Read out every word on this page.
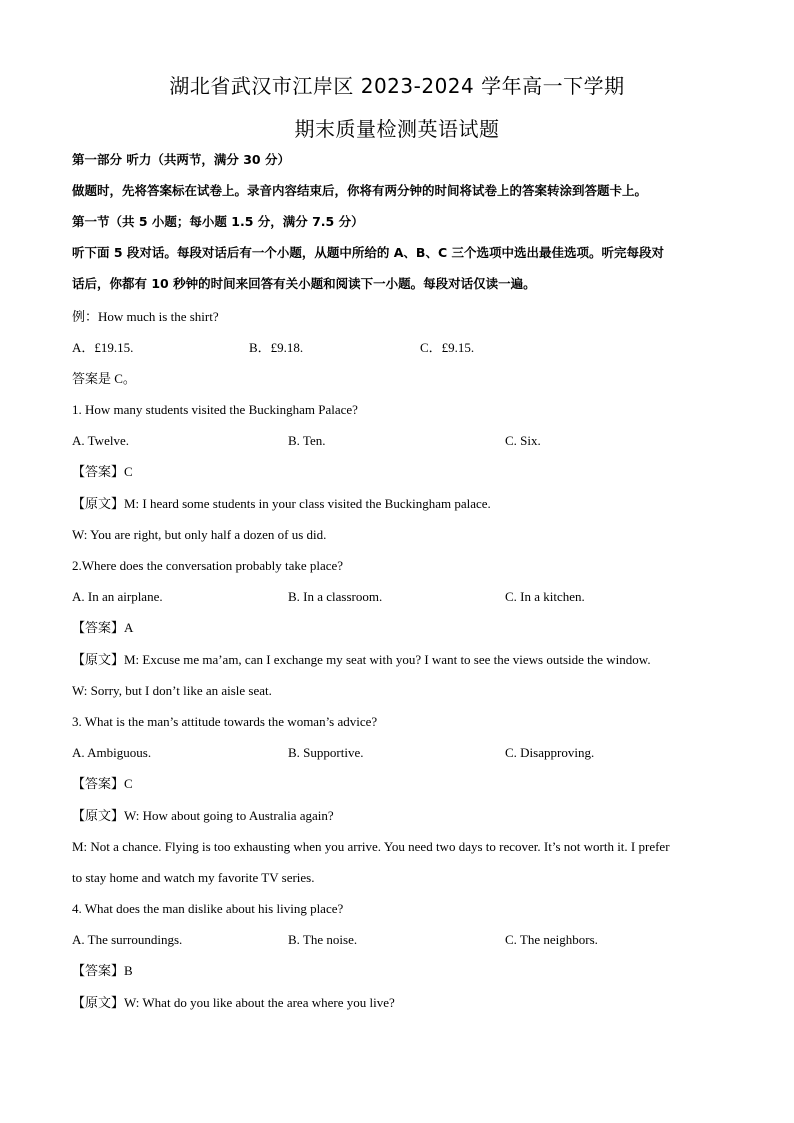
湖北省武汉市江岸区 2023-2024 学年高一下学期
期末质量检测英语试题
第一部分 听力（共两节，满分 30 分）
做题时，先将答案标在试卷上。录音内容结束后，你将有两分钟的时间将试卷上的答案转涂到答题卡上。
第一节（共 5 小题；每小题 1.5 分，满分 7.5 分）
听下面 5 段对话。每段对话后有一个小题，从题中所给的 A、B、C 三个选项中选出最佳选项。听完每段对
话后，你都有 10 秒钟的时间来回答有关小题和阅读下一小题。每段对话仅读一遍。
例：How much is the shirt?
A．£19.15.	B．£9.18.	C．£9.15.
答案是 C。
1. How many students visited the Buckingham Palace?
A. Twelve.	B. Ten.	C. Six.
【答案】C
【原文】M: I heard some students in your class visited the Buckingham palace.
W: You are right, but only half a dozen of us did.
2.Where does the conversation probably take place?
A. In an airplane.	B. In a classroom.	C. In a kitchen.
【答案】A
【原文】M: Excuse me ma’am, can I exchange my seat with you? I want to see the views outside the window.
W: Sorry, but I don’t like an aisle seat.
3. What is the man’s attitude towards the woman’s advice?
A. Ambiguous.	B. Supportive.	C. Disapproving.
【答案】C
【原文】W: How about going to Australia again?
M: Not a chance. Flying is too exhausting when you arrive. You need two days to recover. It’s not worth it. I prefer
to stay home and watch my favorite TV series.
4. What does the man dislike about his living place?
A. The surroundings.	B. The noise.	C. The neighbors.
【答案】B
【原文】W: What do you like about the area where you live?
